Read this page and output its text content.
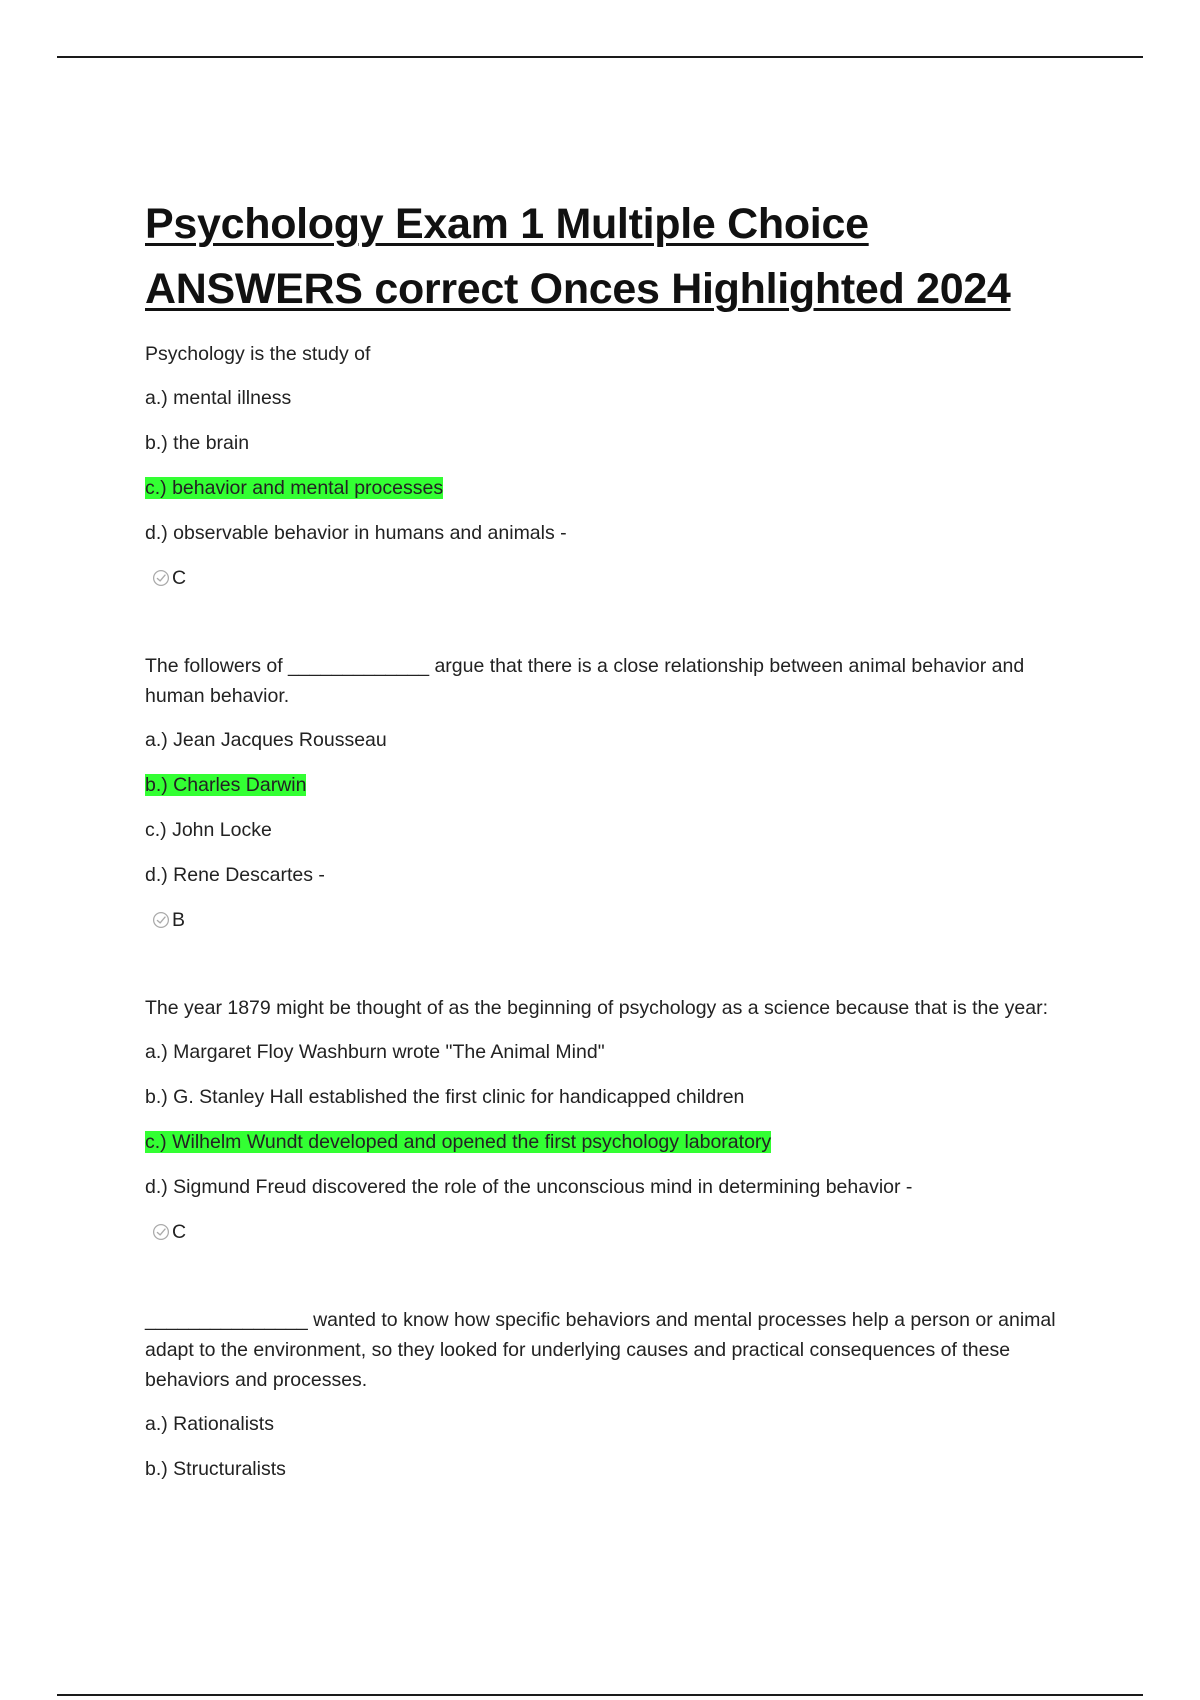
Psychology Exam 1 Multiple Choice ANSWERS correct Onces Highlighted 2024

Psychology is the study of

a.) mental illness

b.) the brain

c.) behavior and mental processes

d.) observable behavior in humans and animals -

C

The followers of _____________ argue that there is a close relationship between animal behavior and human behavior.

a.) Jean Jacques Rousseau

b.) Charles Darwin

c.) John Locke

d.) Rene Descartes -

B

The year 1879 might be thought of as the beginning of psychology as a science because that is the year:

a.) Margaret Floy Washburn wrote "The Animal Mind"

b.) G. Stanley Hall established the first clinic for handicapped children

c.) Wilhelm Wundt developed and opened the first psychology laboratory

d.) Sigmund Freud discovered the role of the unconscious mind in determining behavior -

C

_______________ wanted to know how specific behaviors and mental processes help a person or animal adapt to the environment, so they looked for underlying causes and practical consequences of these behaviors and processes.

a.) Rationalists

b.) Structuralists
